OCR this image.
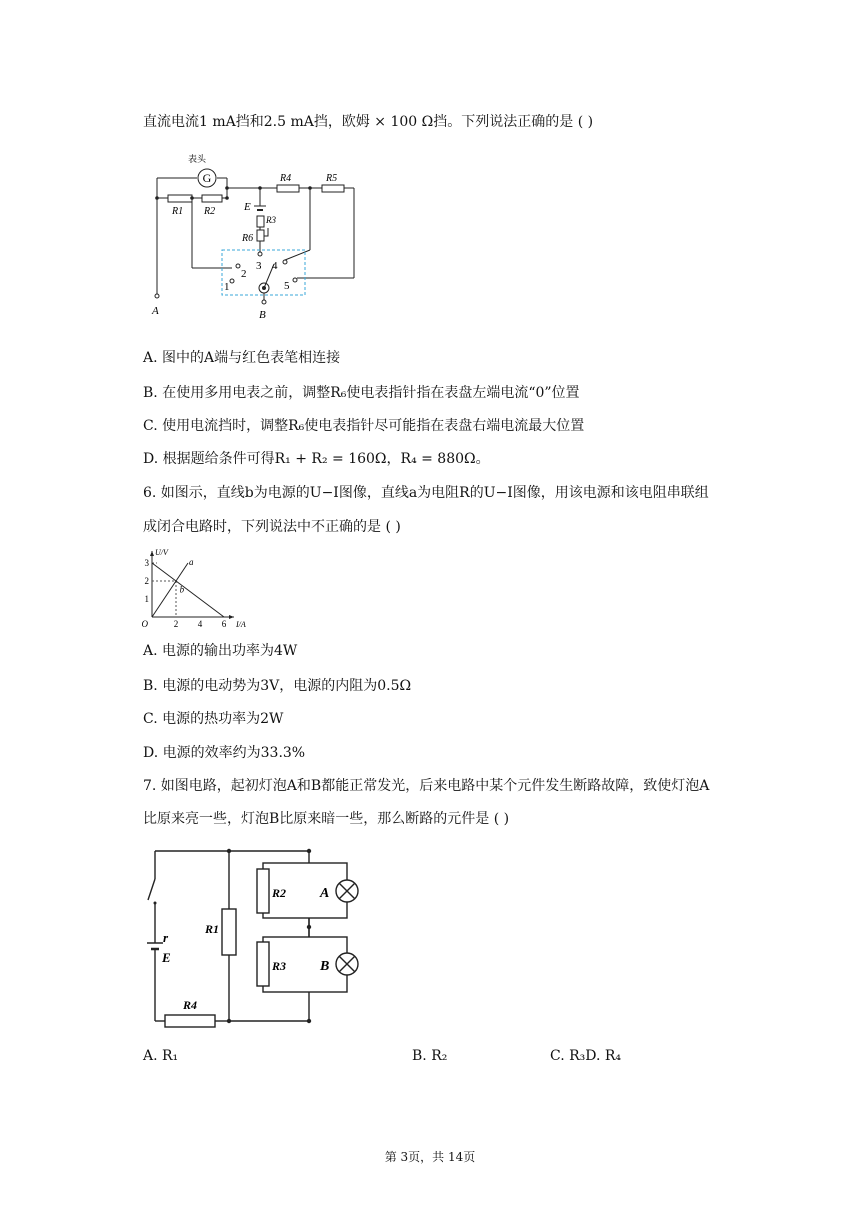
直流电流1 mA挡和2.5 mA挡，欧姆 × 100 Ω挡。下列说法正确的是 ( )
G
表头
R1 R2
R4	R5
R3
R6
E
A	B
1
2
3 4
5
A. 图中的A端与红色表笔相连接
B. 在使用多用电表之前，调整R₆使电表指针指在表盘左端电流“0”位置
C. 使用电流挡时，调整R₆使电表指针尽可能指在表盘右端电流最大位置
D. 根据题给条件可得R₁ + R₂ = 160Ω，R₄ = 880Ω。
6. 如图示，直线b为电源的U−I图像，直线a为电阻R的U−I图像，用该电源和该电阻串联组
成闭合电路时，下列说法中不正确的是 ( )
a
b
2 4 6
1
2
3
O	I/A
U/V
A. 电源的输出功率为4W
B. 电源的电动势为3V，电源的内阻为0.5Ω
C. 电源的热功率为2W
D. 电源的效率约为33.3%
7. 如图电路，起初灯泡A和B都能正常发光，后来电路中某个元件发生断路故障，致使灯泡A
比原来亮一些，灯泡B比原来暗一些，那么断路的元件是 ( )
r
E
R1
R4
R2
R3
A
B
A. R₁	B. R₂	C. R₃D. R₄
第 3页，共 14页
